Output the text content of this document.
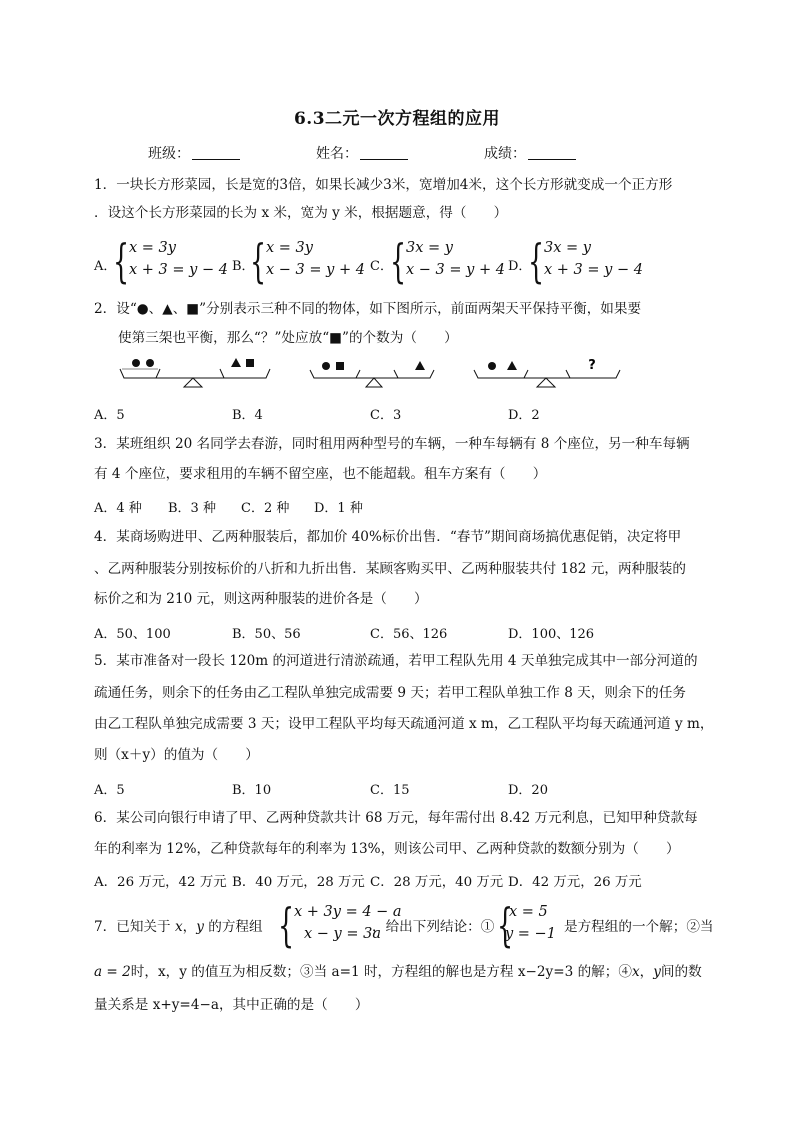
6.3二元一次方程组的应用
班级：	姓名：	成绩：
1．一块长方形菜园，长是宽的3倍，如果长减少3米，宽增加4米，这个长方形就变成一个正方形
．设这个长方形菜园的长为 x 米，宽为 y 米，根据题意，得（　　）
A．
{ x = 3y
x + 3 = y − 4 B．
{ x = 3y
x − 3 = y + 4 C．
{ 3x = y
x − 3 = y + 4 D．
{ 3x = y
x + 3 = y − 4
2．设“●、▲、■”分别表示三种不同的物体，如下图所示，前面两架天平保持平衡，如果要
使第三架也平衡，那么“？”处应放“■”的个数为（　　）
?
A．5	B．4	C．3	D．2
3．某班组织 20 名同学去春游，同时租用两种型号的车辆，一种车每辆有 8 个座位，另一种车每辆
有 4 个座位，要求租用的车辆不留空座，也不能超载。租车方案有（　　）
A．4 种 B．3 种 C．2 种 D．1 种
4．某商场购进甲、乙两种服装后，都加价 40%标价出售．“春节”期间商场搞优惠促销，决定将甲
、乙两种服装分别按标价的八折和九折出售．某顾客购买甲、乙两种服装共付 182 元，两种服装的
标价之和为 210 元，则这两种服装的进价各是（　　）
A．50、100	B．50、56	C．56、126	D．100、126
5．某市准备对一段长 120m 的河道进行清淤疏通，若甲工程队先用 4 天单独完成其中一部分河道的
疏通任务，则余下的任务由乙工程队单独完成需要 9 天；若甲工程队单独工作 8 天，则余下的任务
由乙工程队单独完成需要 3 天；设甲工程队平均每天疏通河道 x m，乙工程队平均每天疏通河道 y m，
则（x＋y）的值为（　　）
A．5	B．10	C．15	D．20
6．某公司向银行申请了甲、乙两种贷款共计 68 万元，每年需付出 8.42 万元利息，已知甲种贷款每
年的利率为 12%，乙种贷款每年的利率为 13%，则该公司甲、乙两种贷款的数额分别为（　　）
A．26 万元，42 万元 B．40 万元，28 万元 C．28 万元，40 万元 D．42 万元，26 万元
7．已知关于 x，y 的方程组 { x + 3y = 4 − a
x − y = 3a
，给出下列结论：① {
x = 5
y = −1 是方程组的一个解；②当
a = 2时，x，y 的值互为相反数；③当 a=1 时，方程组的解也是方程 x−2y=3 的解；④x，y间的数
量关系是 x+y=4−a，其中正确的是（　　）
